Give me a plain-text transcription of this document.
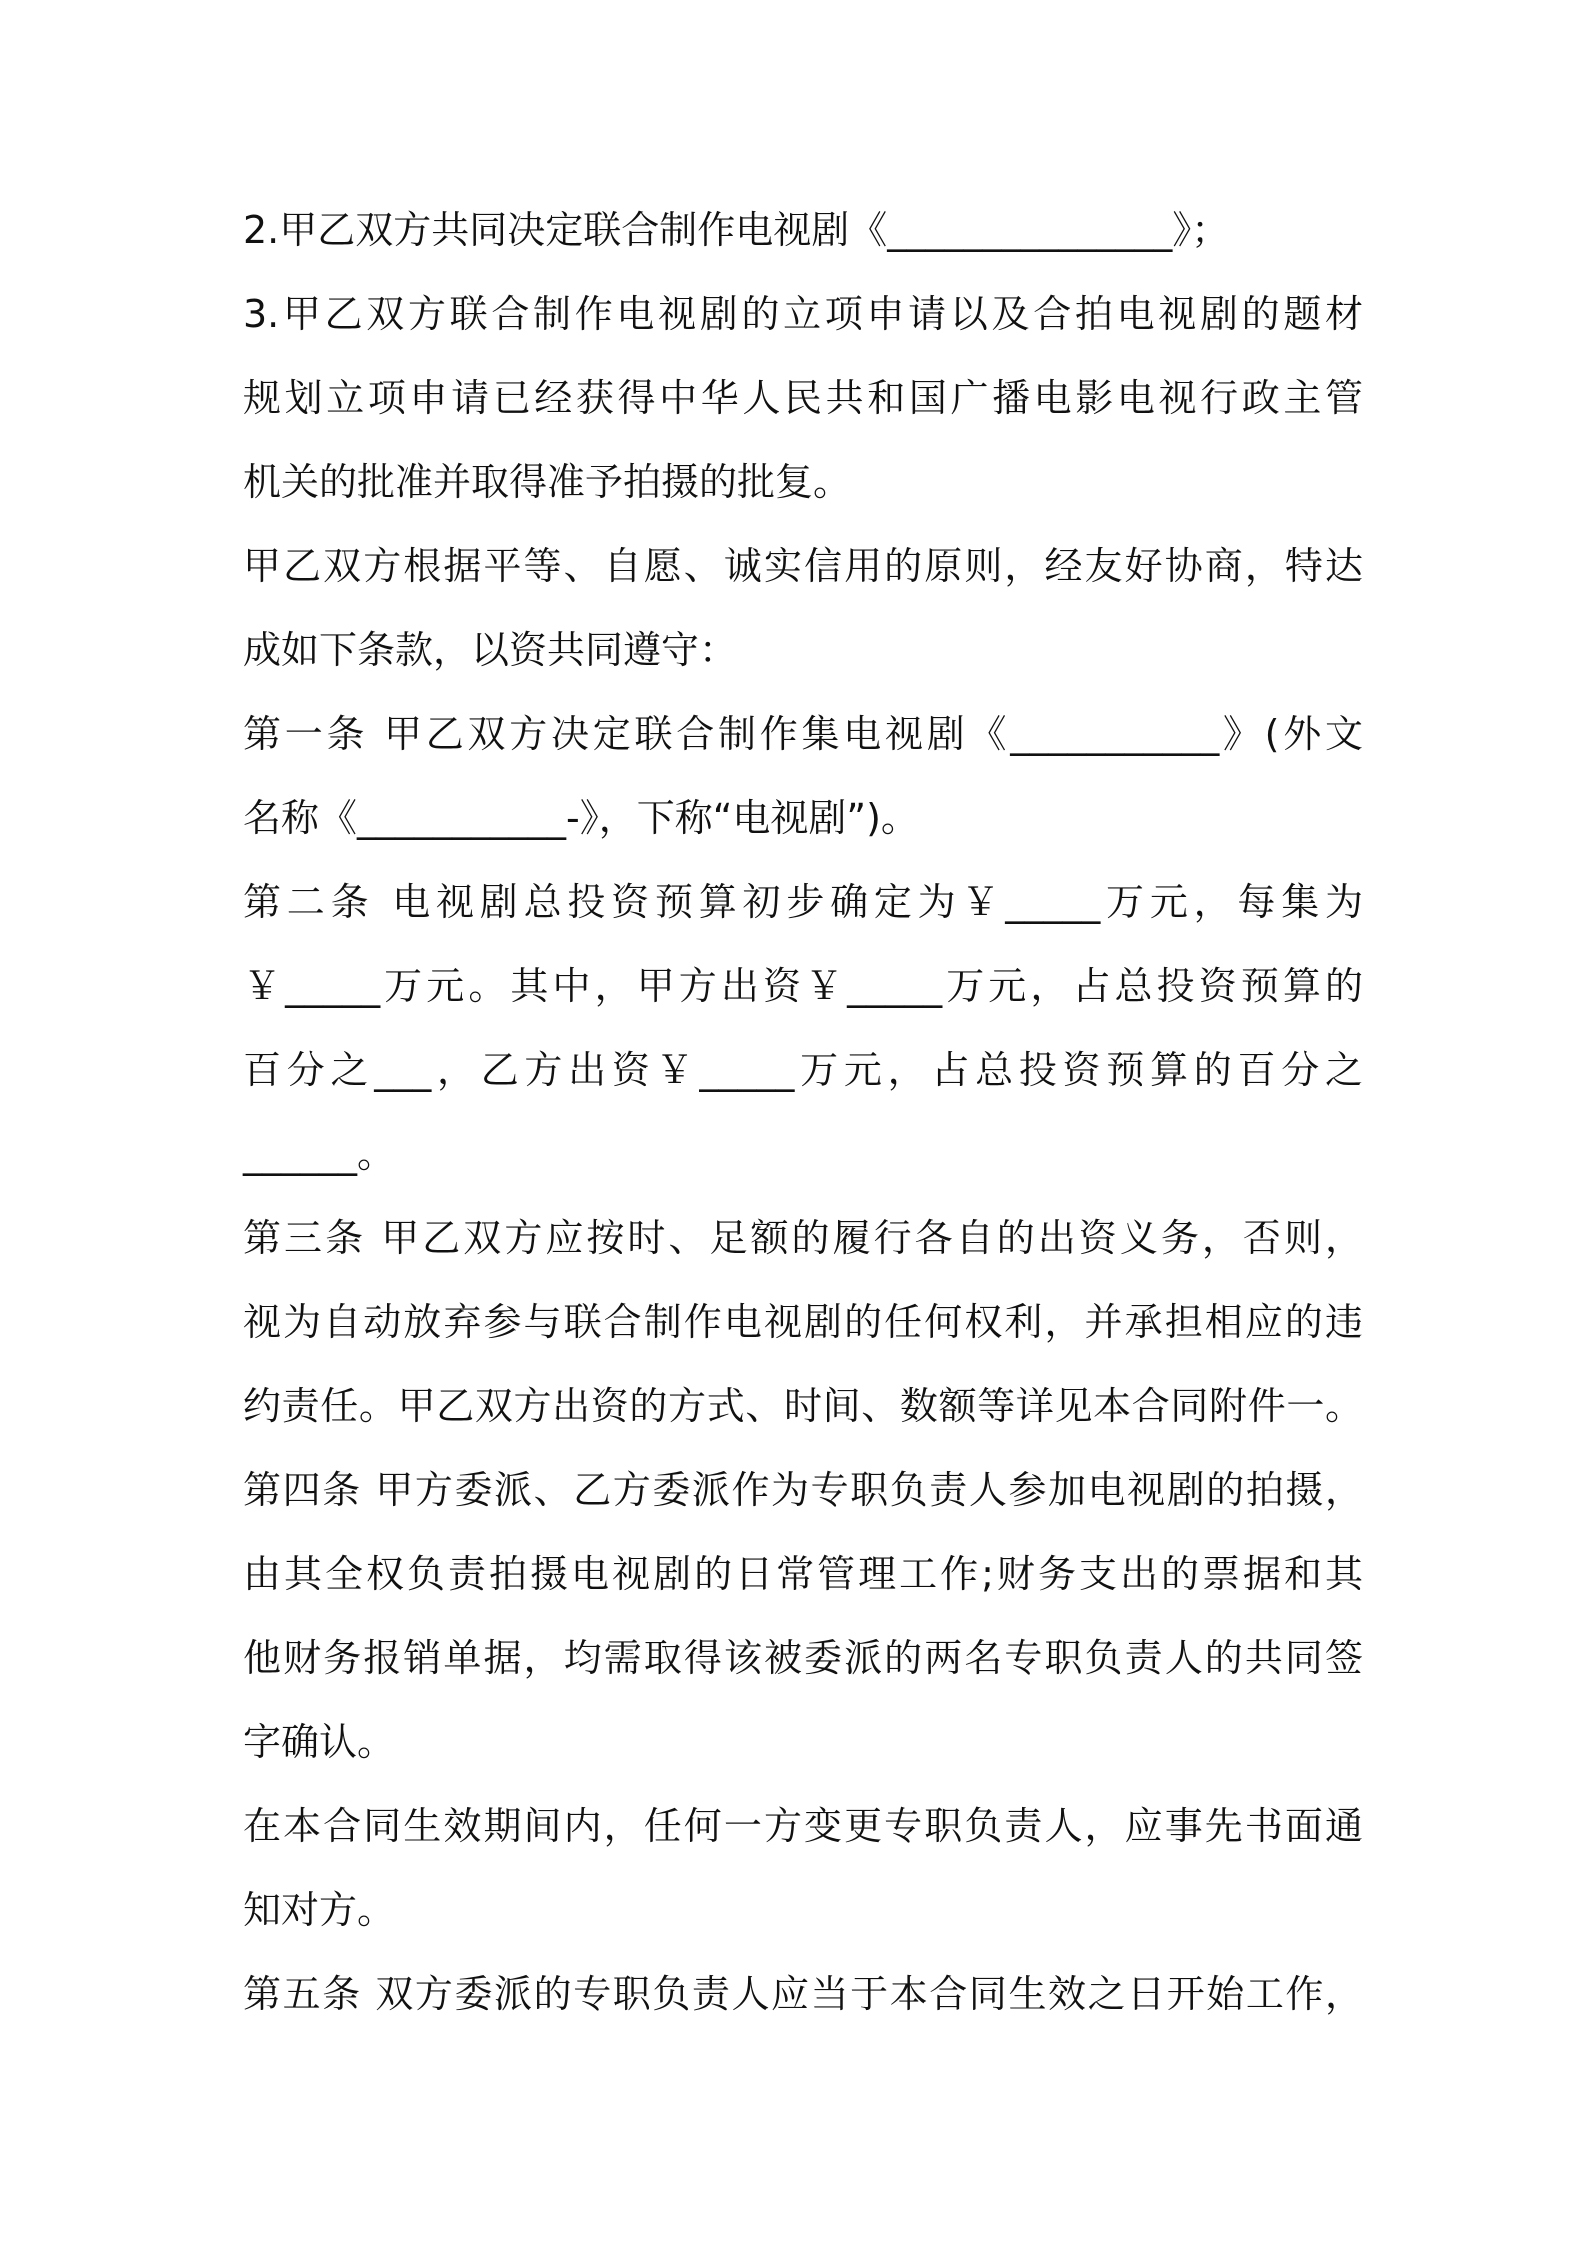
2.甲乙双方共同决定联合制作电视剧《_______________》；
3.甲乙双方联合制作电视剧的立项申请以及合拍电视剧的题材
规划立项申请已经获得中华人民共和国广播电影电视行政主管
机关的批准并取得准予拍摄的批复。
甲乙双方根据平等、自愿、诚实信用的原则，经友好协商，特达
成如下条款，以资共同遵守：
第一条 甲乙双方决定联合制作集电视剧《___________》(外文
名称《___________-》，下称“电视剧”)。
第二条 电视剧总投资预算初步确定为￥_____万元，每集为
￥_____万元。其中，甲方出资￥_____万元，占总投资预算的
百分之___，乙方出资￥_____万元，占总投资预算的百分之
______。
第三条 甲乙双方应按时、足额的履行各自的出资义务，否则，
视为自动放弃参与联合制作电视剧的任何权利，并承担相应的违
约责任。甲乙双方出资的方式、时间、数额等详见本合同附件一。
第四条 甲方委派、乙方委派作为专职负责人参加电视剧的拍摄，
由其全权负责拍摄电视剧的日常管理工作;财务支出的票据和其
他财务报销单据，均需取得该被委派的两名专职负责人的共同签
字确认。
在本合同生效期间内，任何一方变更专职负责人，应事先书面通
知对方。
第五条 双方委派的专职负责人应当于本合同生效之日开始工作，
